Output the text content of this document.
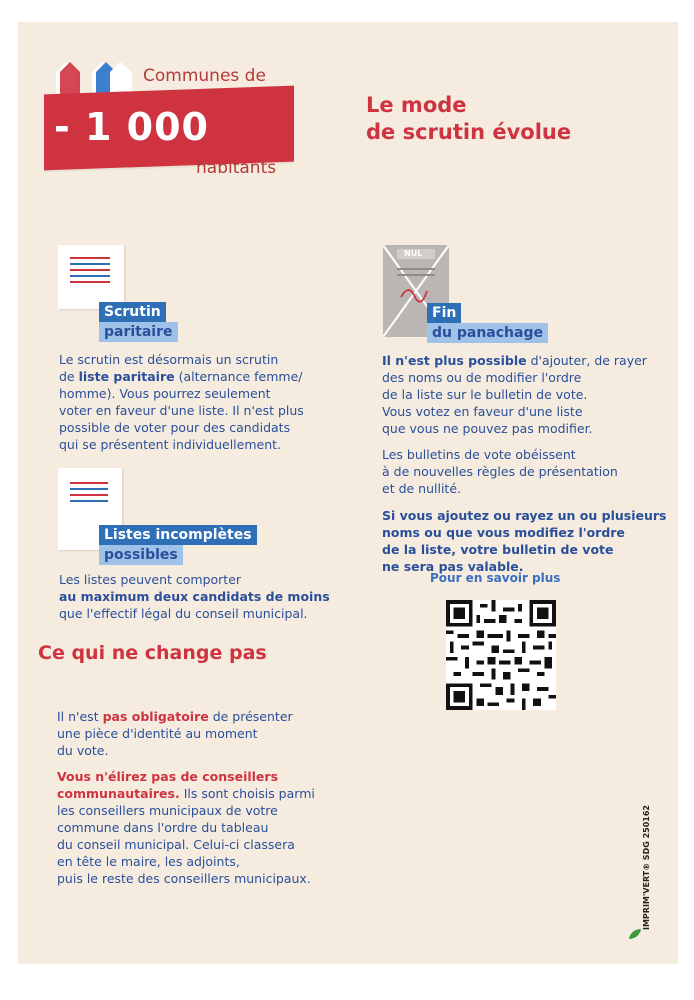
- 1 000
Communes de
habitants
Le mode
de scrutin évolue
Scrutin
paritaire
Le scrutin est désormais un scrutin
de liste paritaire (alternance femme/
homme). Vous pourrez seulement
voter en faveur d'une liste. Il n'est plus
possible de voter pour des candidats
qui se présentent individuellement.
Listes incomplètes
possibles
Les listes peuvent comporter
au maximum deux candidats de moins
que l'effectif légal du conseil municipal.
NUL
Fin
du panachage
Il n'est plus possible d'ajouter, de rayer
des noms ou de modifier l'ordre
de la liste sur le bulletin de vote.
Vous votez en faveur d'une liste
que vous ne pouvez pas modifier.
Les bulletins de vote obéissent
à de nouvelles règles de présentation
et de nullité.
Si vous ajoutez ou rayez un ou plusieurs
noms ou que vous modifiez l'ordre
de la liste, votre bulletin de vote
ne sera pas valable.
Pour en savoir plus
Ce qui ne change pas
Il n'est pas obligatoire de présenter
une pièce d'identité au moment
du vote.
Vous n'élirez pas de conseillers
communautaires. Ils sont choisis parmi
les conseillers municipaux de votre
commune dans l'ordre du tableau
du conseil municipal. Celui-ci classera
en tête le maire, les adjoints,
puis le reste des conseillers municipaux.	IMPRIM'VERT® SDG 250162
